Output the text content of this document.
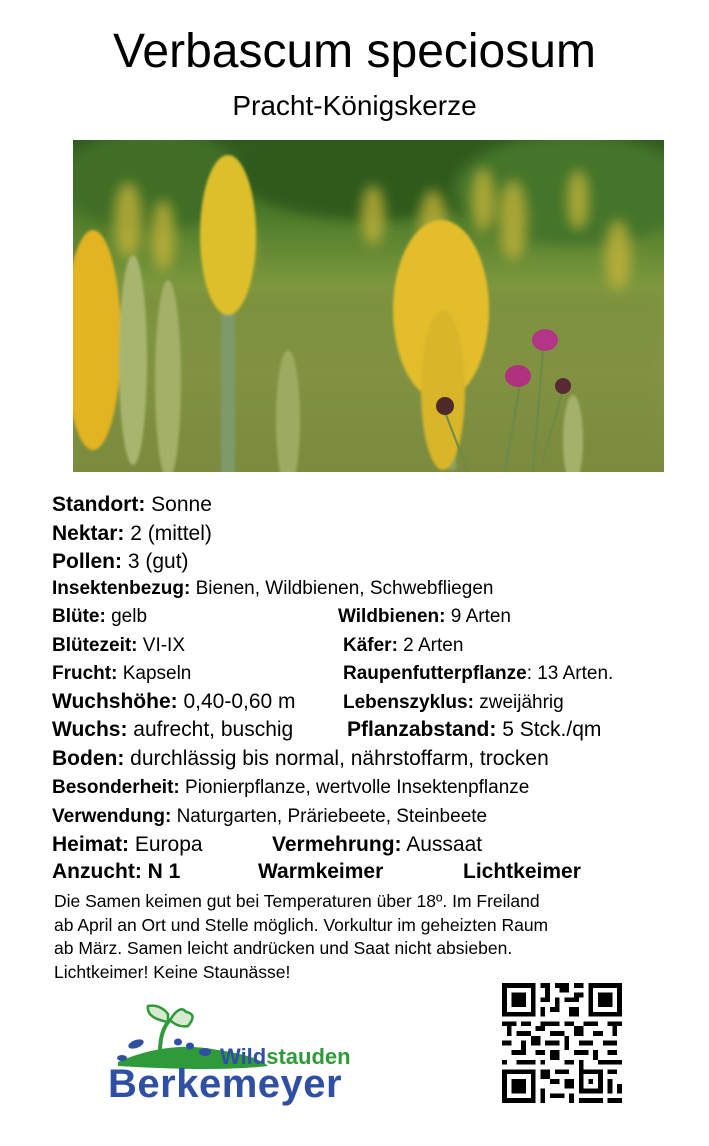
Verbascum speciosum
Pracht-Königskerze
Standort: Sonne
Nektar: 2 (mittel)
Pollen: 3 (gut)
Insektenbezug: Bienen, Wildbienen, Schwebfliegen
Blüte: gelb	Wildbienen: 9 Arten
Blütezeit: VI-IX	Käfer: 2 Arten
Frucht: Kapseln	Raupenfutterpflanze: 13 Arten.
Wuchshöhe: 0,40-0,60 m Lebenszyklus: zweijährig
Wuchs: aufrecht, buschig	Pflanzabstand: 5 Stck./qm
Boden: durchlässig bis normal, nährstoffarm, trocken
Besonderheit: Pionierpflanze, wertvolle Insektenpflanze
Verwendung: Naturgarten, Präriebeete, Steinbeete
Heimat: Europa	Vermehrung: Aussaat
Anzucht: N 1	Warmkeimer	Lichtkeimer
Die Samen keimen gut bei Temperaturen über 18º. Im Freiland
ab April an Ort und Stelle möglich. Vorkultur im geheizten Raum
ab März. Samen leicht andrücken und Saat nicht absieben.
Lichtkeimer! Keine Staunässe!
Wildstauden
Berkemeyer
